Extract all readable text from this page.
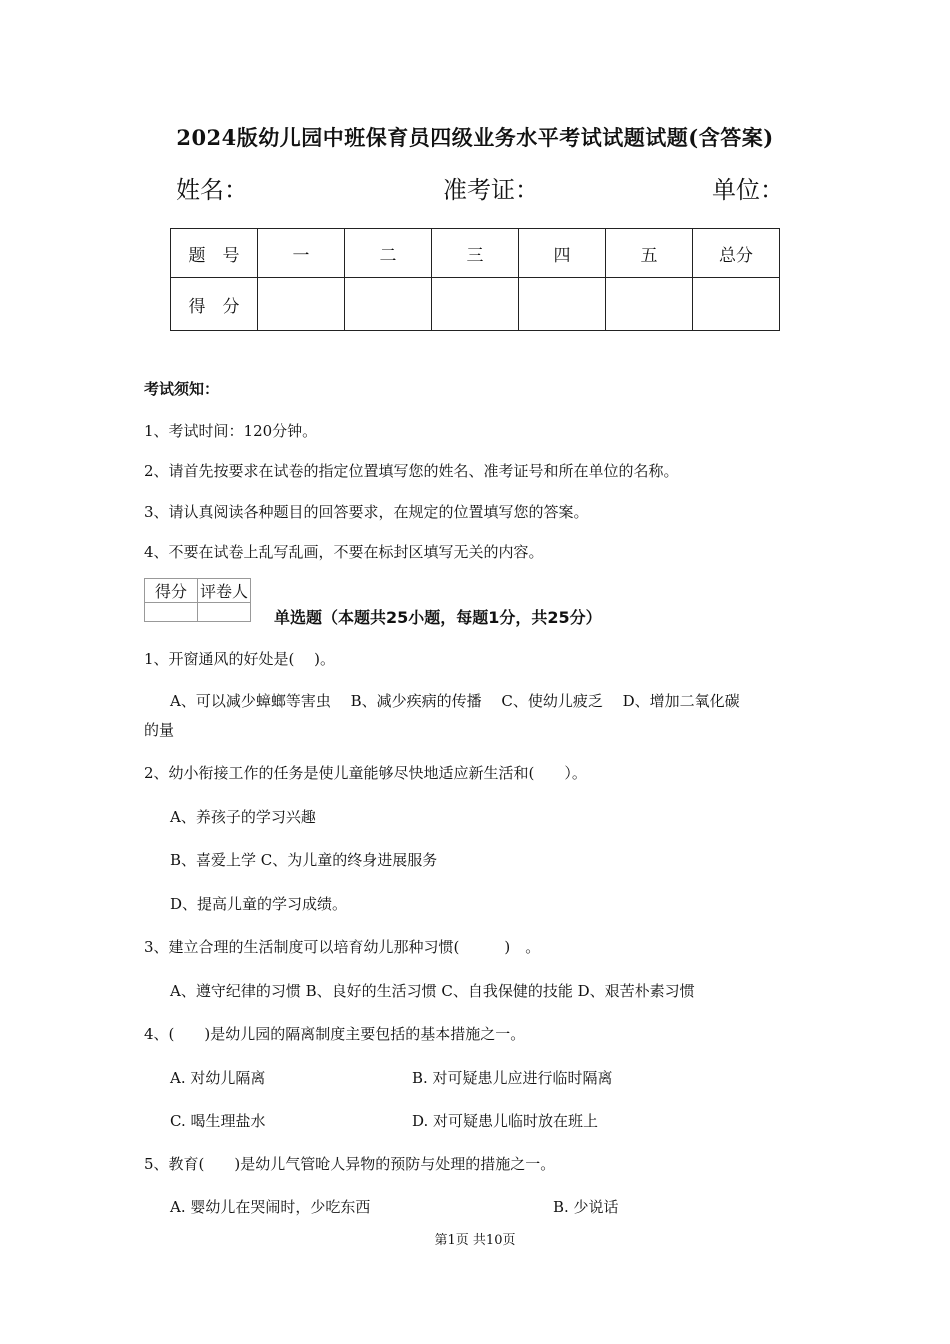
2024版幼儿园中班保育员四级业务水平考试试题试题(含答案)
姓名：	准考证：	单位：
题　号	一	二	三	四	五	总分
得　分						
考试须知：
1、考试时间：120分钟。
2、请首先按要求在试卷的指定位置填写您的姓名、准考证号和所在单位的名称。
3、请认真阅读各种题目的回答要求，在规定的位置填写您的答案。
4、不要在试卷上乱写乱画，不要在标封区填写无关的内容。
得分	评卷人

单选题（本题共25小题，每题1分，共25分）
1、开窗通风的好处是(　 )。
A、可以减少蟑螂等害虫　 B、减少疾病的传播　 C、使幼儿疲乏　 D、增加二氧化碳
的量
2、幼小衔接工作的任务是使儿童能够尽快地适应新生活和(　　）。
A、养孩子的学习兴趣
B、喜爱上学 C、为儿童的终身进展服务
D、提高儿童的学习成绩。
3、建立合理的生活制度可以培育幼儿那种习惯(　　　)　。
A、遵守纪律的习惯 B、良好的生活习惯 C、自我保健的技能 D、艰苦朴素习惯
4、(　　)是幼儿园的隔离制度主要包括的基本措施之一。
A. 对幼儿隔离	B. 对可疑患儿应进行临时隔离
C. 喝生理盐水	D. 对可疑患儿临时放在班上
5、教育(　　)是幼儿气管呛人异物的预防与处理的措施之一。
A. 婴幼儿在哭闹时，少吃东西	B. 少说话
第1页 共10页
